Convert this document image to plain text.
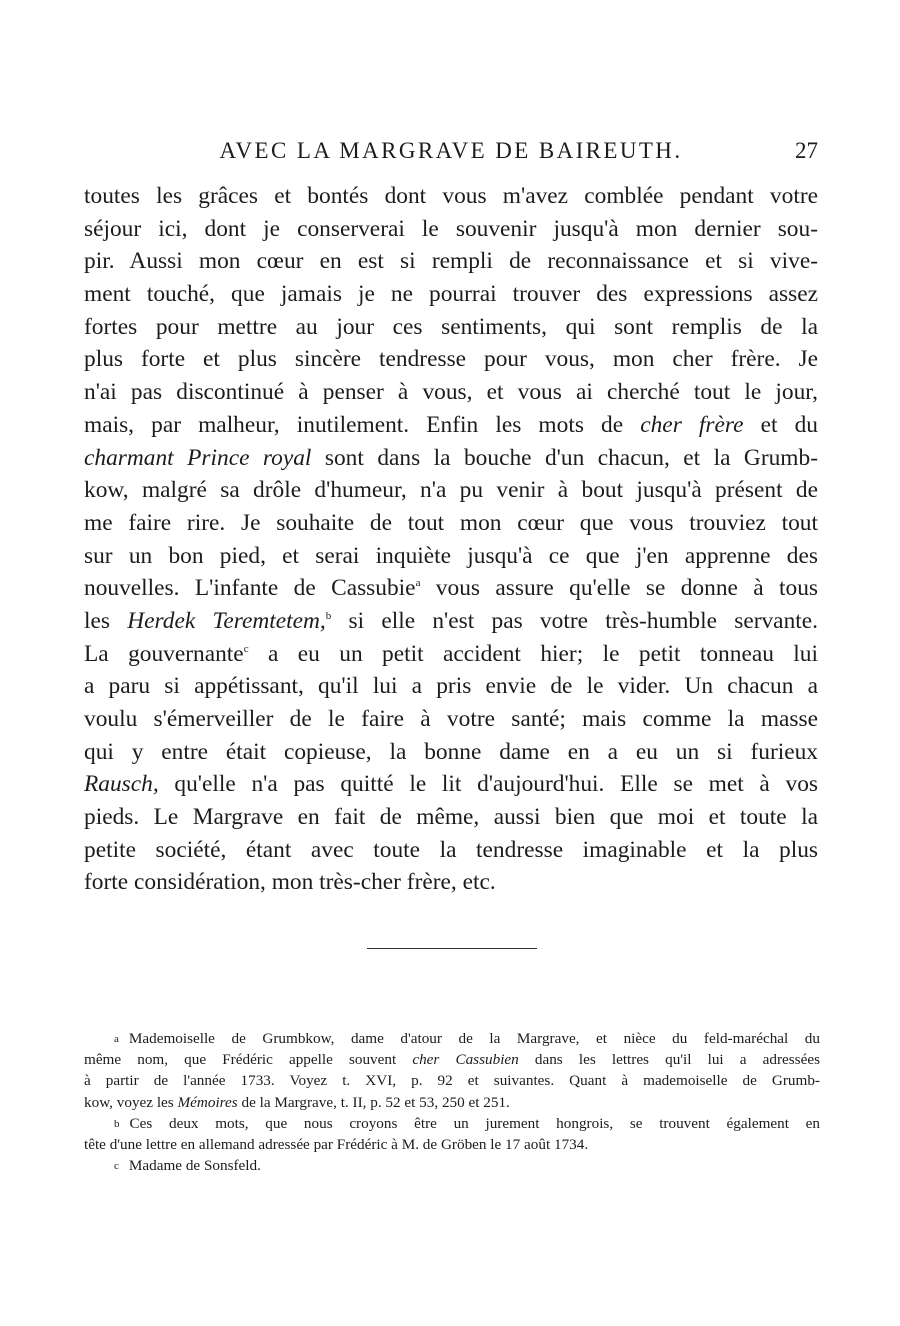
AVEC LA MARGRAVE DE BAIREUTH.	27
toutes les grâces et bontés dont vous m'avez comblée pendant votre
séjour ici, dont je conserverai le souvenir jusqu'à mon dernier sou-
pir. Aussi mon cœur en est si rempli de reconnaissance et si vive-
ment touché, que jamais je ne pourrai trouver des expressions assez
fortes pour mettre au jour ces sentiments, qui sont remplis de la
plus forte et plus sincère tendresse pour vous, mon cher frère. Je
n'ai pas discontinué à penser à vous, et vous ai cherché tout le jour,
mais, par malheur, inutilement. Enfin les mots de cher frère et du
charmant Prince royal sont dans la bouche d'un chacun, et la Grumb-
kow, malgré sa drôle d'humeur, n'a pu venir à bout jusqu'à présent de
me faire rire. Je souhaite de tout mon cœur que vous trouviez tout
sur un bon pied, et serai inquiète jusqu'à ce que j'en apprenne des
nouvelles. L'infante de Cassubie$^a$ vous assure qu'elle se donne à tous
les Herdek Teremtetem,$^b$ si elle n'est pas votre très-humble servante.
La gouvernante$^c$ a eu un petit accident hier; le petit tonneau lui
a paru si appétissant, qu'il lui a pris envie de le vider. Un chacun a
voulu s'émerveiller de le faire à votre santé; mais comme la masse
qui y entre était copieuse, la bonne dame en a eu un si furieux
Rausch, qu'elle n'a pas quitté le lit d'aujourd'hui. Elle se met à vos
pieds. Le Margrave en fait de même, aussi bien que moi et toute la
petite société, étant avec toute la tendresse imaginable et la plus
forte considération, mon très-cher frère, etc.
a Mademoiselle de Grumbkow, dame d'atour de la Margrave, et nièce du feld-maréchal du
même nom, que Frédéric appelle souvent cher Cassubien dans les lettres qu'il lui a adressées
à partir de l'année 1733. Voyez t. XVI, p. 92 et suivantes. Quant à mademoiselle de Grumb-
kow, voyez les Mémoires de la Margrave, t. II, p. 52 et 53, 250 et 251.
b Ces deux mots, que nous croyons être un jurement hongrois, se trouvent également en
tête d'une lettre en allemand adressée par Frédéric à M. de Gröben le 17 août 1734.
c Madame de Sonsfeld.
